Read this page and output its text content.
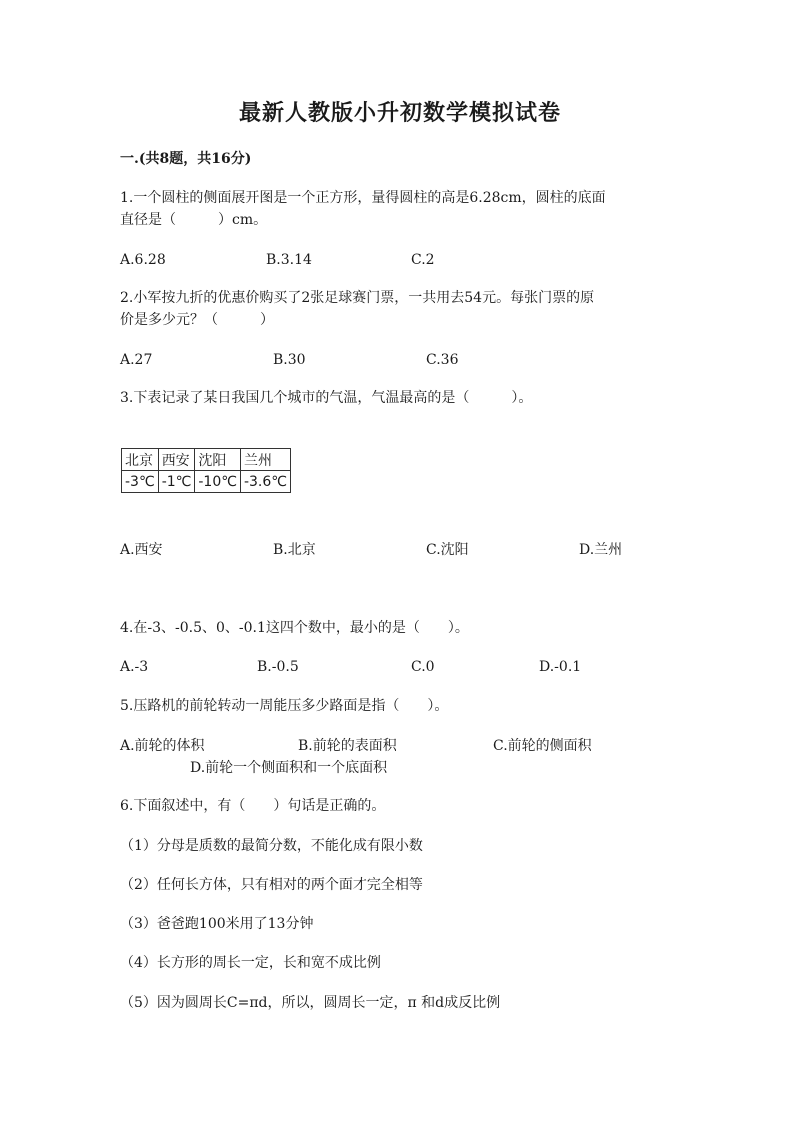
最新人教版小升初数学模拟试卷
一.(共8题，共16分)
1.一个圆柱的侧面展开图是一个正方形，量得圆柱的高是6.28cm，圆柱的底面
直径是（　　　）cm。
A.6.28	B.3.14	C.2
2.小军按九折的优惠价购买了2张足球赛门票，一共用去54元。每张门票的原
价是多少元？（　　　）
A.27	B.30	C.36
3.下表记录了某日我国几个城市的气温，气温最高的是（　　　）。
北京	西安	沈阳	兰州
-3℃	-1℃	-10℃	-3.6℃
A.西安	B.北京	C.沈阳	D.兰州
4.在-3、-0.5、0、-0.1这四个数中，最小的是（　　）。
A.-3	B.-0.5	C.0	D.-0.1
5.压路机的前轮转动一周能压多少路面是指（　　）。
A.前轮的体积	B.前轮的表面积	C.前轮的侧面积
D.前轮一个侧面积和一个底面积
6.下面叙述中，有（　　）句话是正确的。
（1）分母是质数的最简分数，不能化成有限小数
（2）任何长方体，只有相对的两个面才完全相等
（3）爸爸跑100米用了13分钟
（4）长方形的周长一定，长和宽不成比例
（5）因为圆周长C=πd，所以，圆周长一定，π 和d成反比例
